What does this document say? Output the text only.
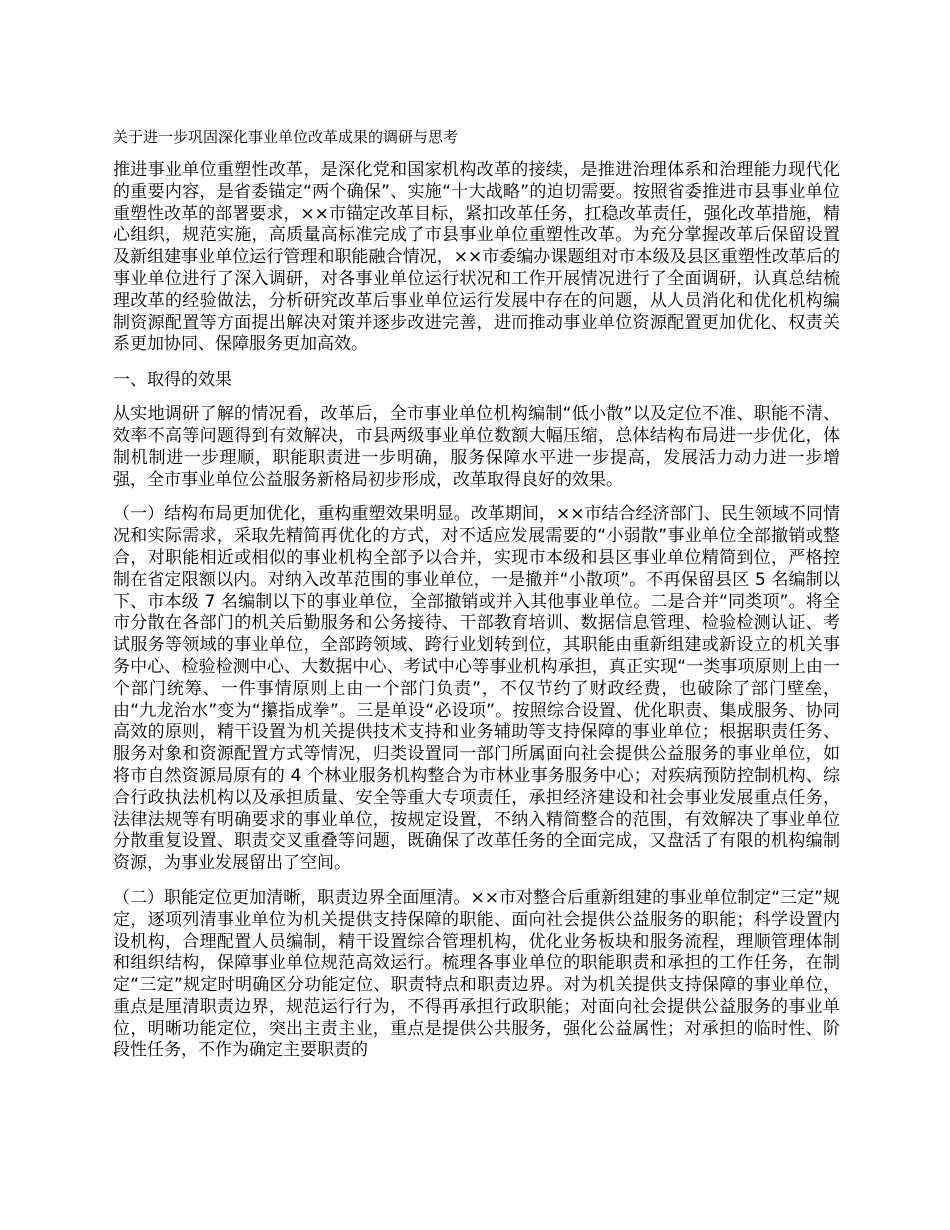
关于进一步巩固深化事业单位改革成果的调研与思考
推进事业单位重塑性改革，是深化党和国家机构改革的接续，是推进治理体系和治理能力现代化的重要内容，是省委锚定“两个确保”、实施“十大战略”的迫切需要。按照省委推进市县事业单位重塑性改革的部署要求，××市锚定改革目标，紧扣改革任务，扛稳改革责任，强化改革措施，精心组织，规范实施，高质量高标准完成了市县事业单位重塑性改革。为充分掌握改革后保留设置及新组建事业单位运行管理和职能融合情况，××市委编办课题组对市本级及县区重塑性改革后的事业单位进行了深入调研，对各事业单位运行状况和工作开展情况进行了全面调研，认真总结梳理改革的经验做法，分析研究改革后事业单位运行发展中存在的问题，从人员消化和优化机构编制资源配置等方面提出解决对策并逐步改进完善，进而推动事业单位资源配置更加优化、权责关系更加协同、保障服务更加高效。
一、取得的效果
从实地调研了解的情况看，改革后，全市事业单位机构编制“低小散”以及定位不准、职能不清、效率不高等问题得到有效解决，市县两级事业单位数额大幅压缩，总体结构布局进一步优化，体制机制进一步理顺，职能职责进一步明确，服务保障水平进一步提高，发展活力动力进一步增强，全市事业单位公益服务新格局初步形成，改革取得良好的效果。
（一）结构布局更加优化，重构重塑效果明显。改革期间，××市结合经济部门、民生领域不同情况和实际需求，采取先精简再优化的方式，对不适应发展需要的“小弱散”事业单位全部撤销或整合，对职能相近或相似的事业机构全部予以合并，实现市本级和县区事业单位精简到位，严格控制在省定限额以内。对纳入改革范围的事业单位，一是撤并“小散项”。不再保留县区 5 名编制以下、市本级 7 名编制以下的事业单位，全部撤销或并入其他事业单位。二是合并“同类项”。将全市分散在各部门的机关后勤服务和公务接待、干部教育培训、数据信息管理、检验检测认证、考试服务等领域的事业单位，全部跨领域、跨行业划转到位，其职能由重新组建或新设立的机关事务中心、检验检测中心、大数据中心、考试中心等事业机构承担，真正实现“一类事项原则上由一个部门统筹、一件事情原则上由一个部门负责”，不仅节约了财政经费，也破除了部门壁垒，由“九龙治水”变为“攥指成拳”。三是单设“必设项”。按照综合设置、优化职责、集成服务、协同高效的原则，精干设置为机关提供技术支持和业务辅助等支持保障的事业单位；根据职责任务、服务对象和资源配置方式等情况，归类设置同一部门所属面向社会提供公益服务的事业单位，如将市自然资源局原有的 4 个林业服务机构整合为市林业事务服务中心；对疾病预防控制机构、综合行政执法机构以及承担质量、安全等重大专项责任，承担经济建设和社会事业发展重点任务，法律法规等有明确要求的事业单位，按规定设置，不纳入精简整合的范围，有效解决了事业单位分散重复设置、职责交叉重叠等问题，既确保了改革任务的全面完成，又盘活了有限的机构编制资源，为事业发展留出了空间。
（二）职能定位更加清晰，职责边界全面厘清。××市对整合后重新组建的事业单位制定“三定”规定，逐项列清事业单位为机关提供支持保障的职能、面向社会提供公益服务的职能；科学设置内设机构，合理配置人员编制，精干设置综合管理机构，优化业务板块和服务流程，理顺管理体制和组织结构，保障事业单位规范高效运行。梳理各事业单位的职能职责和承担的工作任务，在制定“三定”规定时明确区分功能定位、职责特点和职责边界。对为机关提供支持保障的事业单位，重点是厘清职责边界，规范运行行为，不得再承担行政职能；对面向社会提供公益服务的事业单位，明晰功能定位，突出主责主业，重点是提供公共服务，强化公益属性；对承担的临时性、阶段性任务，不作为确定主要职责的
